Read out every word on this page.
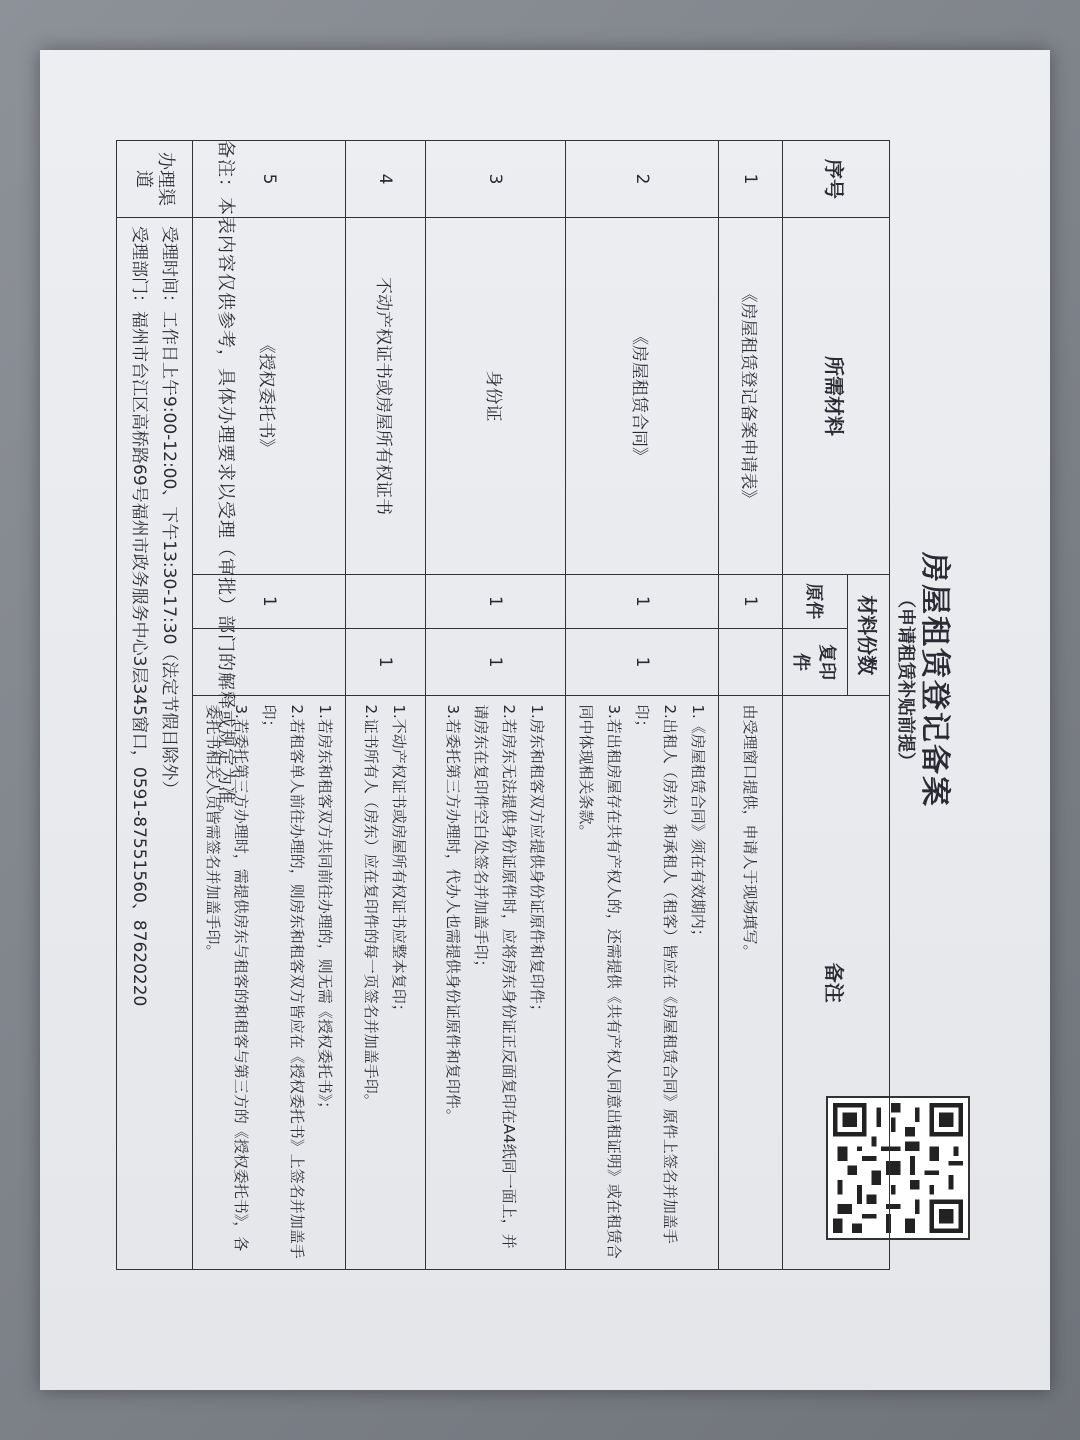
房屋租赁登记备案
（申请租赁补贴前提）
序号	所需材料	材料份数		备注
		原件	复印件	
1	《房屋租赁登记备案申请表》	1		由受理窗口提供，申请人于现场填写。

2	《房屋租赁合同》	1	1	1.《房屋租赁合同》须在有效期内；

2.出租人（房东）和承租人（租客）皆应在《房屋租赁合同》原件上签名并加盖手印；

3.若出租房屋存在共有产权人的，还需提供《共有产权人同意出租证明》或在租赁合同中体现相关条款。

3	身份证	1	1	1.房东和租客双方应提供身份证原件和复印件；

2.若房东无法提供身份证原件时，应将房东身份证正反面复印在A4纸同一面上，并请房东在复印件空白处签名并加盖手印；

3.若委托第三方办理时，代办人也需提供身份证原件和复印件。

4	不动产权证书或房屋所有权证书		1	1.不动产权证书或房屋所有权证书应整本复印；

2.证书所有人（房东）应在复印件的每一页签名并加盖手印。

5	《授权委托书》	1		1.若房东和租客双方共同前往办理的，则无需《授权委托书》；

2.若租客单人前往办理的，则房东和租客双方皆应在《授权委托书》上签名并加盖手印；

3.若委托第三方办理时，需提供房东与租客的和租客与第三方的《授权委托书》，各委托书相关人员皆需签名并加盖手印。

办理渠道	受理时间：工作日上午9:00-12:00、下午13:30-17:30（法定节假日除外）

受理部门：福州市台江区高桥路69号福州市政务服务中心3层345窗口，0591-87551560、87620220				备注：本表内容仅供参考，具体办理要求以受理（审批）部门的解释或规定为准。
